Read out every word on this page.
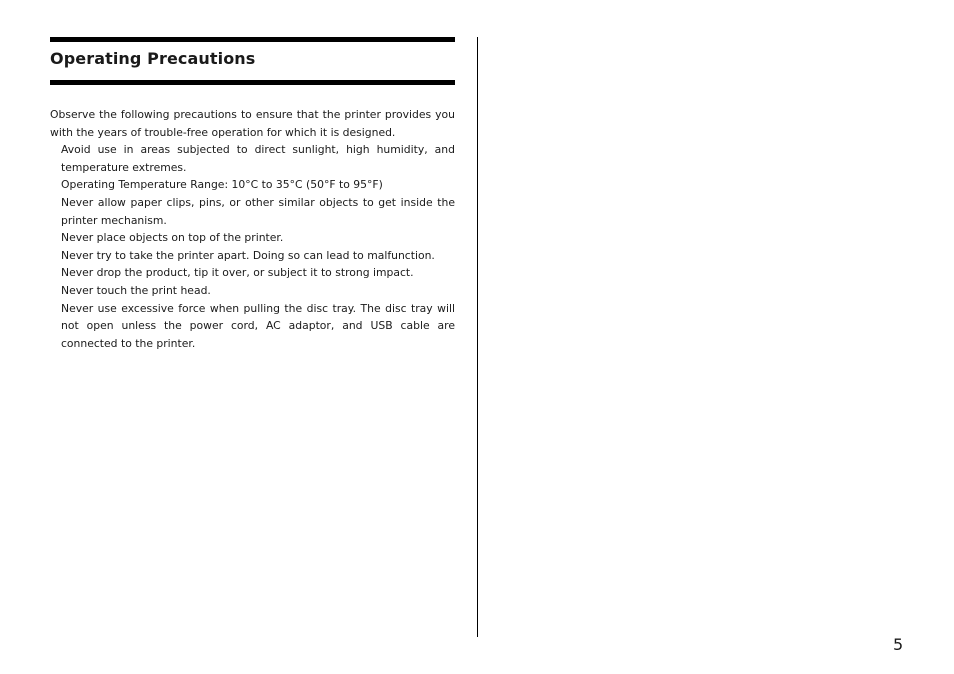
Operating Precautions

Observe the following precautions to ensure that the printer provides you with the years of trouble-free operation for which it is designed.

Avoid use in areas subjected to direct sunlight, high humidity, and temperature extremes.
Operating Temperature Range: 10°C to 35°C (50°F to 95°F)
Never allow paper clips, pins, or other similar objects to get inside the printer mechanism.
Never place objects on top of the printer.
Never try to take the printer apart. Doing so can lead to malfunction.
Never drop the product, tip it over, or subject it to strong impact.
Never touch the print head.
Never use excessive force when pulling the disc tray. The disc tray will not open unless the power cord, AC adaptor, and USB cable are connected to the printer.
5
